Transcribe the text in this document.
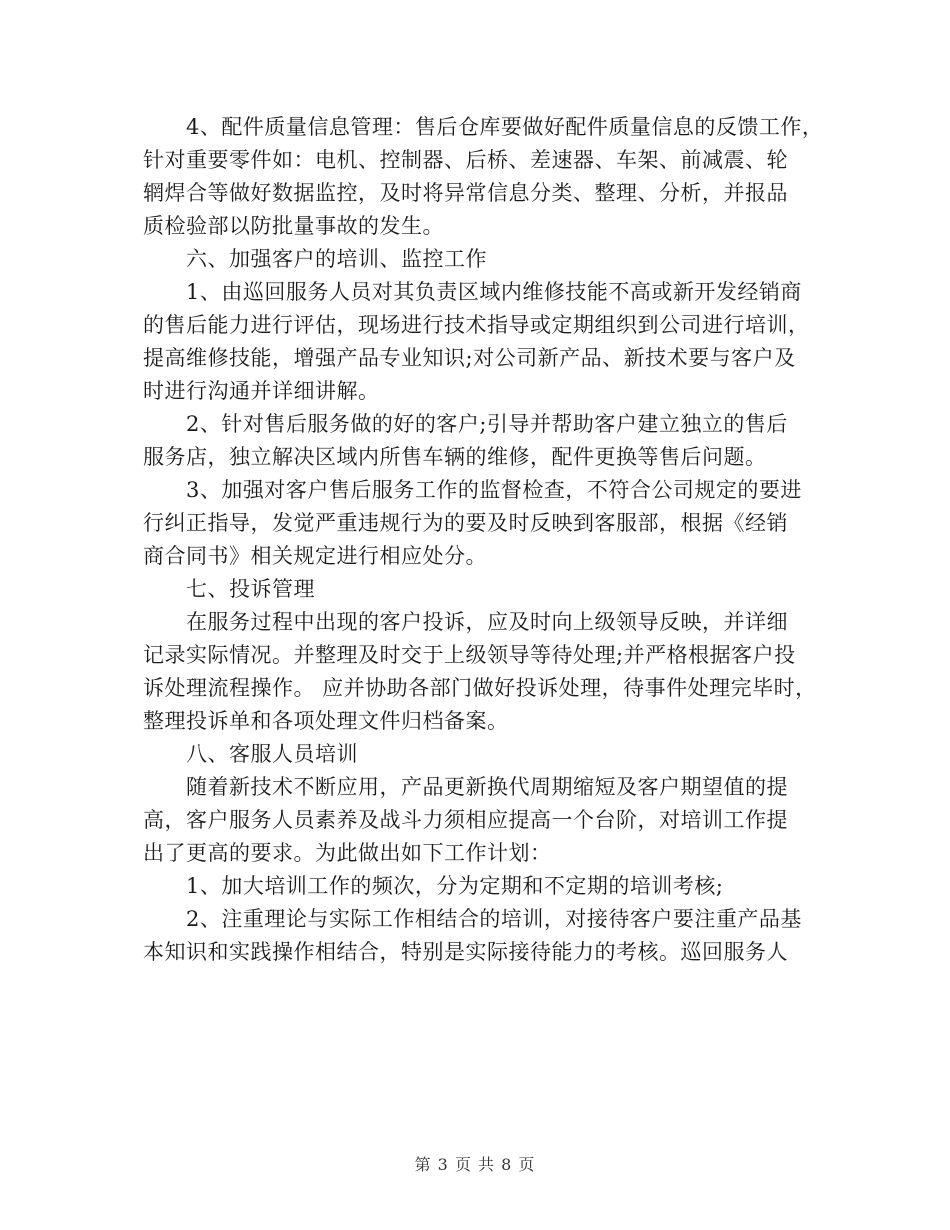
　　4、配件质量信息管理：售后仓库要做好配件质量信息的反馈工作，
针对重要零件如：电机、控制器、后桥、差速器、车架、前减震、轮
辋焊合等做好数据监控，及时将异常信息分类、整理、分析，并报品
质检验部以防批量事故的发生。
　　六、加强客户的培训、监控工作
　　1、由巡回服务人员对其负责区域内维修技能不高或新开发经销商
的售后能力进行评估，现场进行技术指导或定期组织到公司进行培训，
提高维修技能，增强产品专业知识;对公司新产品、新技术要与客户及
时进行沟通并详细讲解。
　　2、针对售后服务做的好的客户;引导并帮助客户建立独立的售后
服务店，独立解决区域内所售车辆的维修，配件更换等售后问题。
　　3、加强对客户售后服务工作的监督检查，不符合公司规定的要进
行纠正指导，发觉严重违规行为的要及时反映到客服部，根据《经销
商合同书》相关规定进行相应处分。
　　七、投诉管理
　　在服务过程中出现的客户投诉，应及时向上级领导反映，并详细
记录实际情况。并整理及时交于上级领导等待处理;并严格根据客户投
诉处理流程操作。 应并协助各部门做好投诉处理，待事件处理完毕时，
整理投诉单和各项处理文件归档备案。
　　八、客服人员培训
　　随着新技术不断应用，产品更新换代周期缩短及客户期望值的提
高，客户服务人员素养及战斗力须相应提高一个台阶，对培训工作提
出了更高的要求。为此做出如下工作计划：
　　1、加大培训工作的频次，分为定期和不定期的培训考核;
　　2、注重理论与实际工作相结合的培训，对接待客户要注重产品基
本知识和实践操作相结合，特别是实际接待能力的考核。巡回服务人
第 3 页 共 8 页
